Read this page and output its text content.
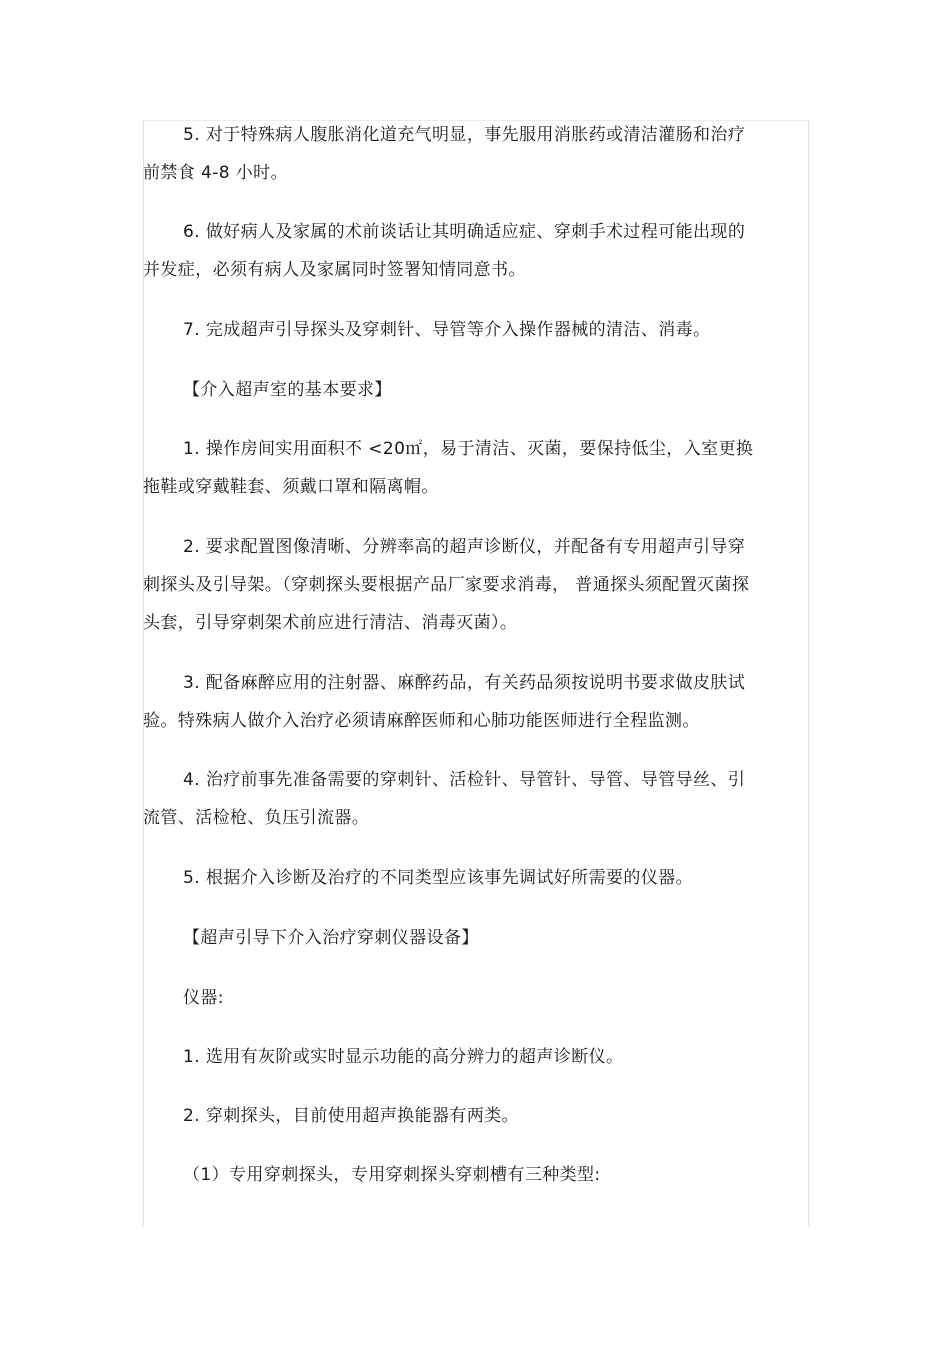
5. 对于特殊病人腹胀消化道充气明显，事先服用消胀药或清洁灌肠和治疗
前禁食 4-8 小时。
6. 做好病人及家属的术前谈话让其明确适应症、穿刺手术过程可能出现的
并发症，必须有病人及家属同时签署知情同意书。
7. 完成超声引导探头及穿刺针、导管等介入操作器械的清洁、消毒。
【介入超声室的基本要求】
1. 操作房间实用面积不 <20㎡，易于清洁、灭菌，要保持低尘，入室更换
拖鞋或穿戴鞋套、须戴口罩和隔离帽。
2. 要求配置图像清晰、分辨率高的超声诊断仪，并配备有专用超声引导穿
刺探头及引导架。（穿刺探头要根据产品厂家要求消毒， 普通探头须配置灭菌探
头套，引导穿刺架术前应进行清洁、消毒灭菌）。
3. 配备麻醉应用的注射器、麻醉药品，有关药品须按说明书要求做皮肤试
验。特殊病人做介入治疗必须请麻醉医师和心肺功能医师进行全程监测。
4. 治疗前事先准备需要的穿刺针、活检针、导管针、导管、导管导丝、引
流管、活检枪、负压引流器。
5. 根据介入诊断及治疗的不同类型应该事先调试好所需要的仪器。
【超声引导下介入治疗穿刺仪器设备】
仪器:
1. 选用有灰阶或实时显示功能的高分辨力的超声诊断仪。
2. 穿刺探头，目前使用超声换能器有两类。
（1）专用穿刺探头，专用穿刺探头穿刺槽有三种类型:
